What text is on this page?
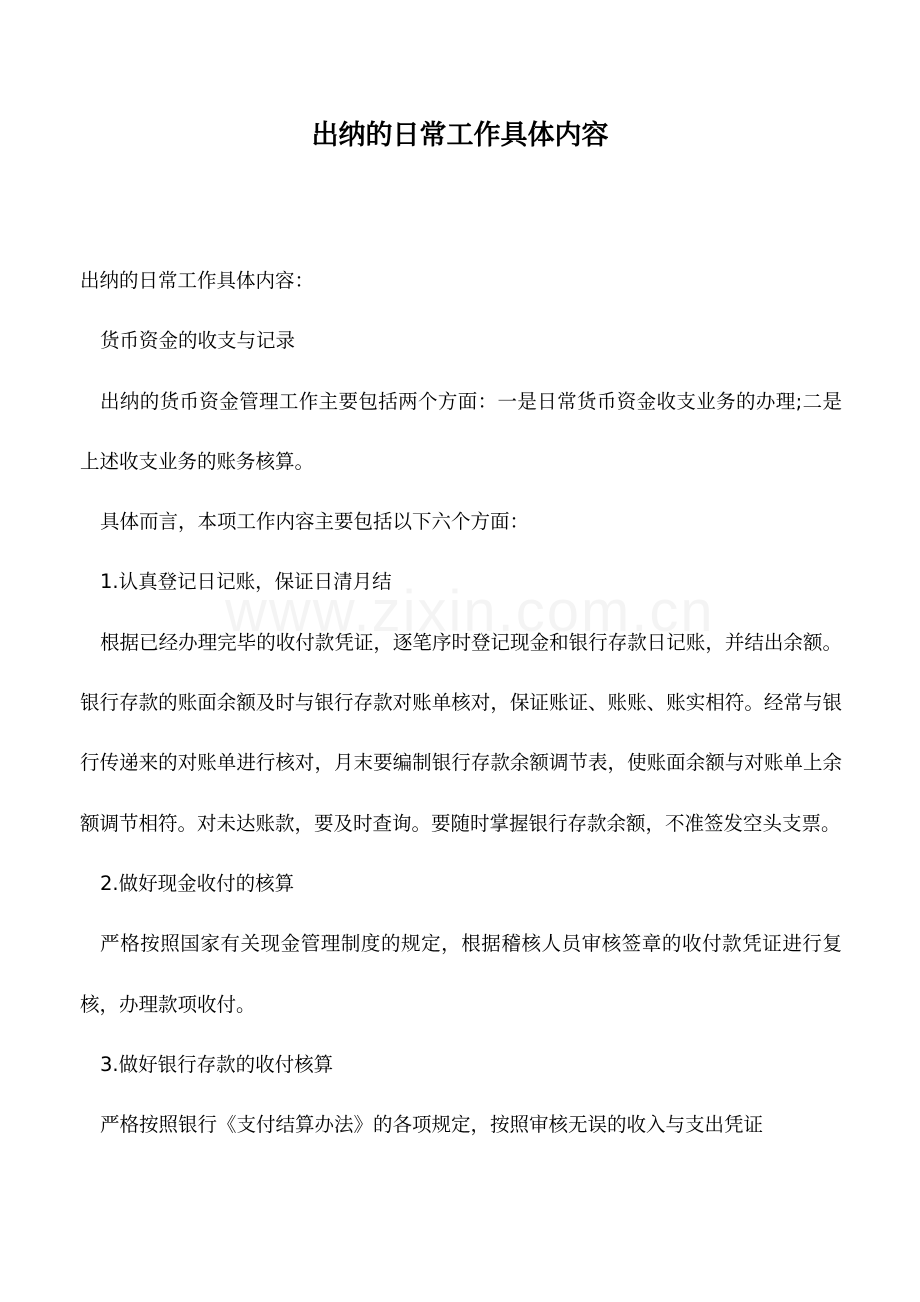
出纳的日常工作具体内容

出纳的日常工作具体内容：

货币资金的收支与记录

出纳的货币资金管理工作主要包括两个方面：一是日常货币资金收支业务的办理;二是上述收支业务的账务核算。

具体而言，本项工作内容主要包括以下六个方面：

1.认真登记日记账，保证日清月结

根据已经办理完毕的收付款凭证，逐笔序时登记现金和银行存款日记账，并结出余额。银行存款的账面余额及时与银行存款对账单核对，保证账证、账账、账实相符。经常与银行传递来的对账单进行核对，月末要编制银行存款余额调节表，使账面余额与对账单上余额调节相符。对未达账款，要及时查询。要随时掌握银行存款余额，不准签发空头支票。

2.做好现金收付的核算

严格按照国家有关现金管理制度的规定，根据稽核人员审核签章的收付款凭证进行复核，办理款项收付。

3.做好银行存款的收付核算

严格按照银行《支付结算办法》的各项规定，按照审核无误的收入与支出凭证
